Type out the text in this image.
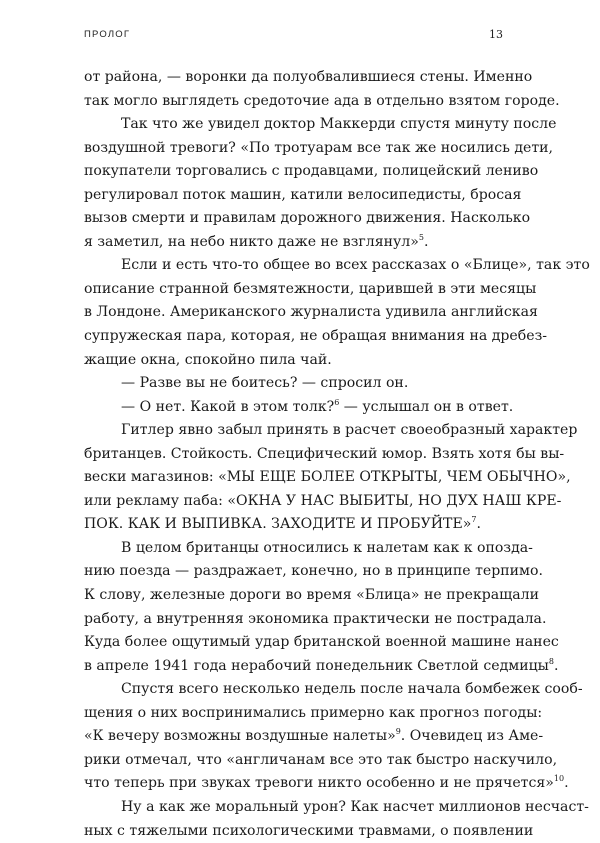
ПРОЛОГ	13

от района, — воронки да полуобвалившиеся стены. Именно

так могло выглядеть средоточие ада в отдельно взятом городе.

Так что же увидел доктор Маккерди спустя минуту после

воздушной тревоги? «По тротуарам все так же носились дети,

покупатели торговались с продавцами, полицейский лениво

регулировал поток машин, катили велосипедисты, бросая

вызов смерти и правилам дорожного движения. Насколько

я заметил, на небо никто даже не взглянул»$^5$.

Если и есть что-то общее во всех рассказах о «Блице», так это

описание странной безмятежности, царившей в эти месяцы

в Лондоне. Американского журналиста удивила английская

супружеская пара, которая, не обращая внимания на дребез-

жащие окна, спокойно пила чай.

— Разве вы не боитесь? — спросил он.

— О нет. Какой в этом толк?$^6$ — услышал он в ответ.

Гитлер явно забыл принять в расчет своеобразный характер

британцев. Стойкость. Специфический юмор. Взять хотя бы вы-

вески магазинов: «МЫ ЕЩЕ БОЛЕЕ ОТКРЫТЫ, ЧЕМ ОБЫЧНО»,

или рекламу паба: «ОКНА У НАС ВЫБИТЫ, НО ДУХ НАШ КРЕ-

ПОК. КАК И ВЫПИВКА. ЗАХОДИТЕ И ПРОБУЙТЕ»$^7$.

В целом британцы относились к налетам как к опозда-

нию поезда — раздражает, конечно, но в принципе терпимо.

К слову, железные дороги во время «Блица» не прекращали

работу, а внутренняя экономика практически не пострадала.

Куда более ощутимый удар британской военной машине нанес

в апреле 1941 года нерабочий понедельник Светлой седмицы$^8$.

Спустя всего несколько недель после начала бомбежек сооб-

щения о них воспринимались примерно как прогноз погоды:

«К вечеру возможны воздушные налеты»$^9$. Очевидец из Аме-

рики отмечал, что «англичанам все это так быстро наскучило,

что теперь при звуках тревоги никто особенно и не прячется»$^{10}$.

Ну а как же моральный урон? Как насчет миллионов несчаст-

ных с тяжелыми психологическими травмами, о появлении
